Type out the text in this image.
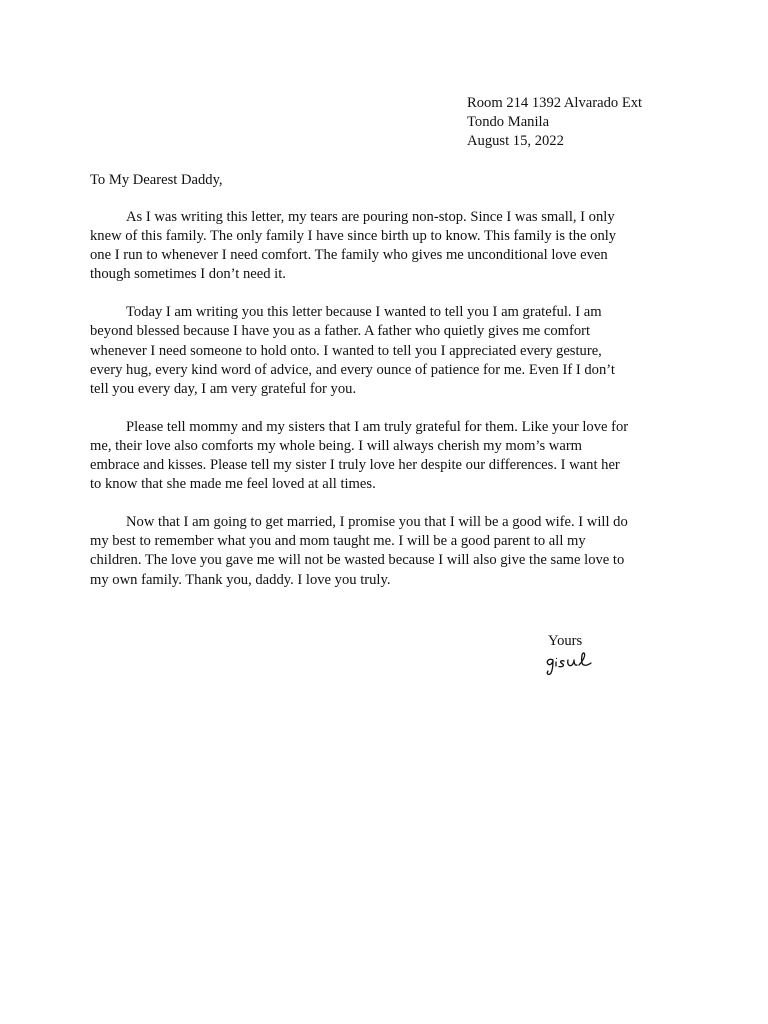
Room 214 1392 Alvarado Ext
Tondo Manila
August 15, 2022
To My Dearest Daddy,

As I was writing this letter, my tears are pouring non-stop. Since I was small, I only
knew of this family. The only family I have since birth up to know. This family is the only
one I run to whenever I need comfort. The family who gives me unconditional love even
though sometimes I don’t need it.

Today I am writing you this letter because I wanted to tell you I am grateful. I am
beyond blessed because I have you as a father. A father who quietly gives me comfort
whenever I need someone to hold onto. I wanted to tell you I appreciated every gesture,
every hug, every kind word of advice, and every ounce of patience for me. Even If I don’t
tell you every day, I am very grateful for you.

Please tell mommy and my sisters that I am truly grateful for them. Like your love for
me, their love also comforts my whole being. I will always cherish my mom’s warm
embrace and kisses. Please tell my sister I truly love her despite our differences. I want her
to know that she made me feel loved at all times.

Now that I am going to get married, I promise you that I will be a good wife. I will do
my best to remember what you and mom taught me. I will be a good parent to all my
children. The love you gave me will not be wasted because I will also give the same love to
my own family. Thank you, daddy. I love you truly.

Yours
